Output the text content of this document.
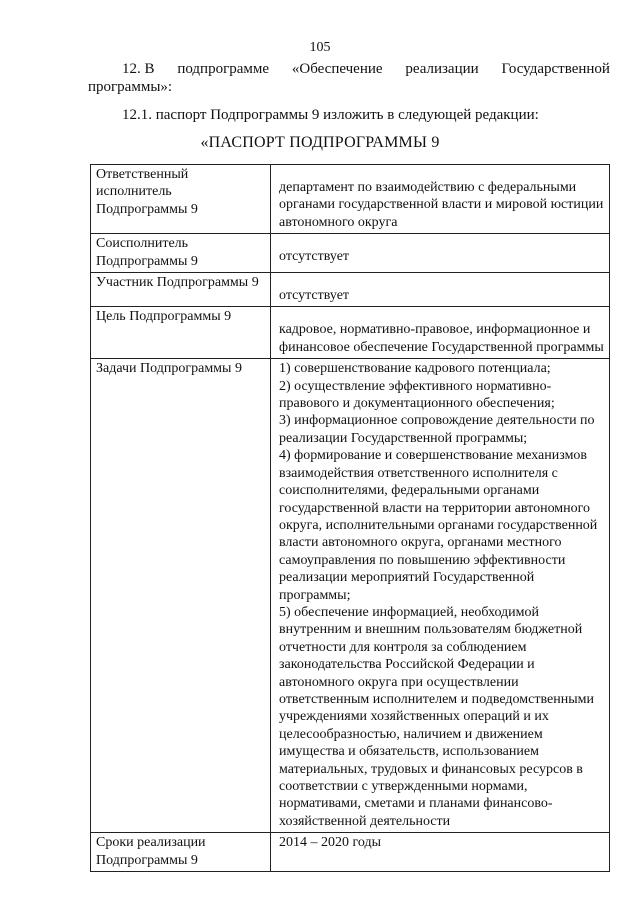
105
12. В подпрограмме «Обеспечение реализации Государственной
программы»:
12.1. паспорт Подпрограммы 9 изложить в следующей редакции:
«ПАСПОРТ ПОДПРОГРАММЫ 9
Ответственный исполнитель Подпрограммы 9	департамент по взаимодействию с федеральными органами государственной власти и мировой юстиции автономного округа
Соисполнитель Подпрограммы 9	отсутствует
Участник Подпрограммы 9	отсутствует
Цель Подпрограммы 9	кадровое, нормативно-правовое, информационное и финансовое обеспечение Государственной программы
Задачи Подпрограммы 9	1) совершенствование кадрового потенциала;
2) осуществление эффективного нормативно-правового и документационного обеспечения;
3) информационное сопровождение деятельности по реализации Государственной программы;
4) формирование и совершенствование механизмов взаимодействия ответственного исполнителя с соисполнителями, федеральными органами государственной власти на территории автономного округа, исполнительными органами государственной власти автономного округа, органами местного самоуправления по повышению эффективности реализации мероприятий Государственной программы;
5) обеспечение информацией, необходимой внутренним и внешним пользователям бюджетной отчетности для контроля за соблюдением законодательства Российской Федерации и автономного округа при осуществлении ответственным исполнителем и подведомственными учреждениями хозяйственных операций и их целесообразностью, наличием и движением имущества и обязательств, использованием материальных, трудовых и финансовых ресурсов в соответствии с утвержденными нормами, нормативами, сметами и планами финансово-хозяйственной деятельности

Сроки реализации Подпрограммы 9	2014 – 2020 годы
